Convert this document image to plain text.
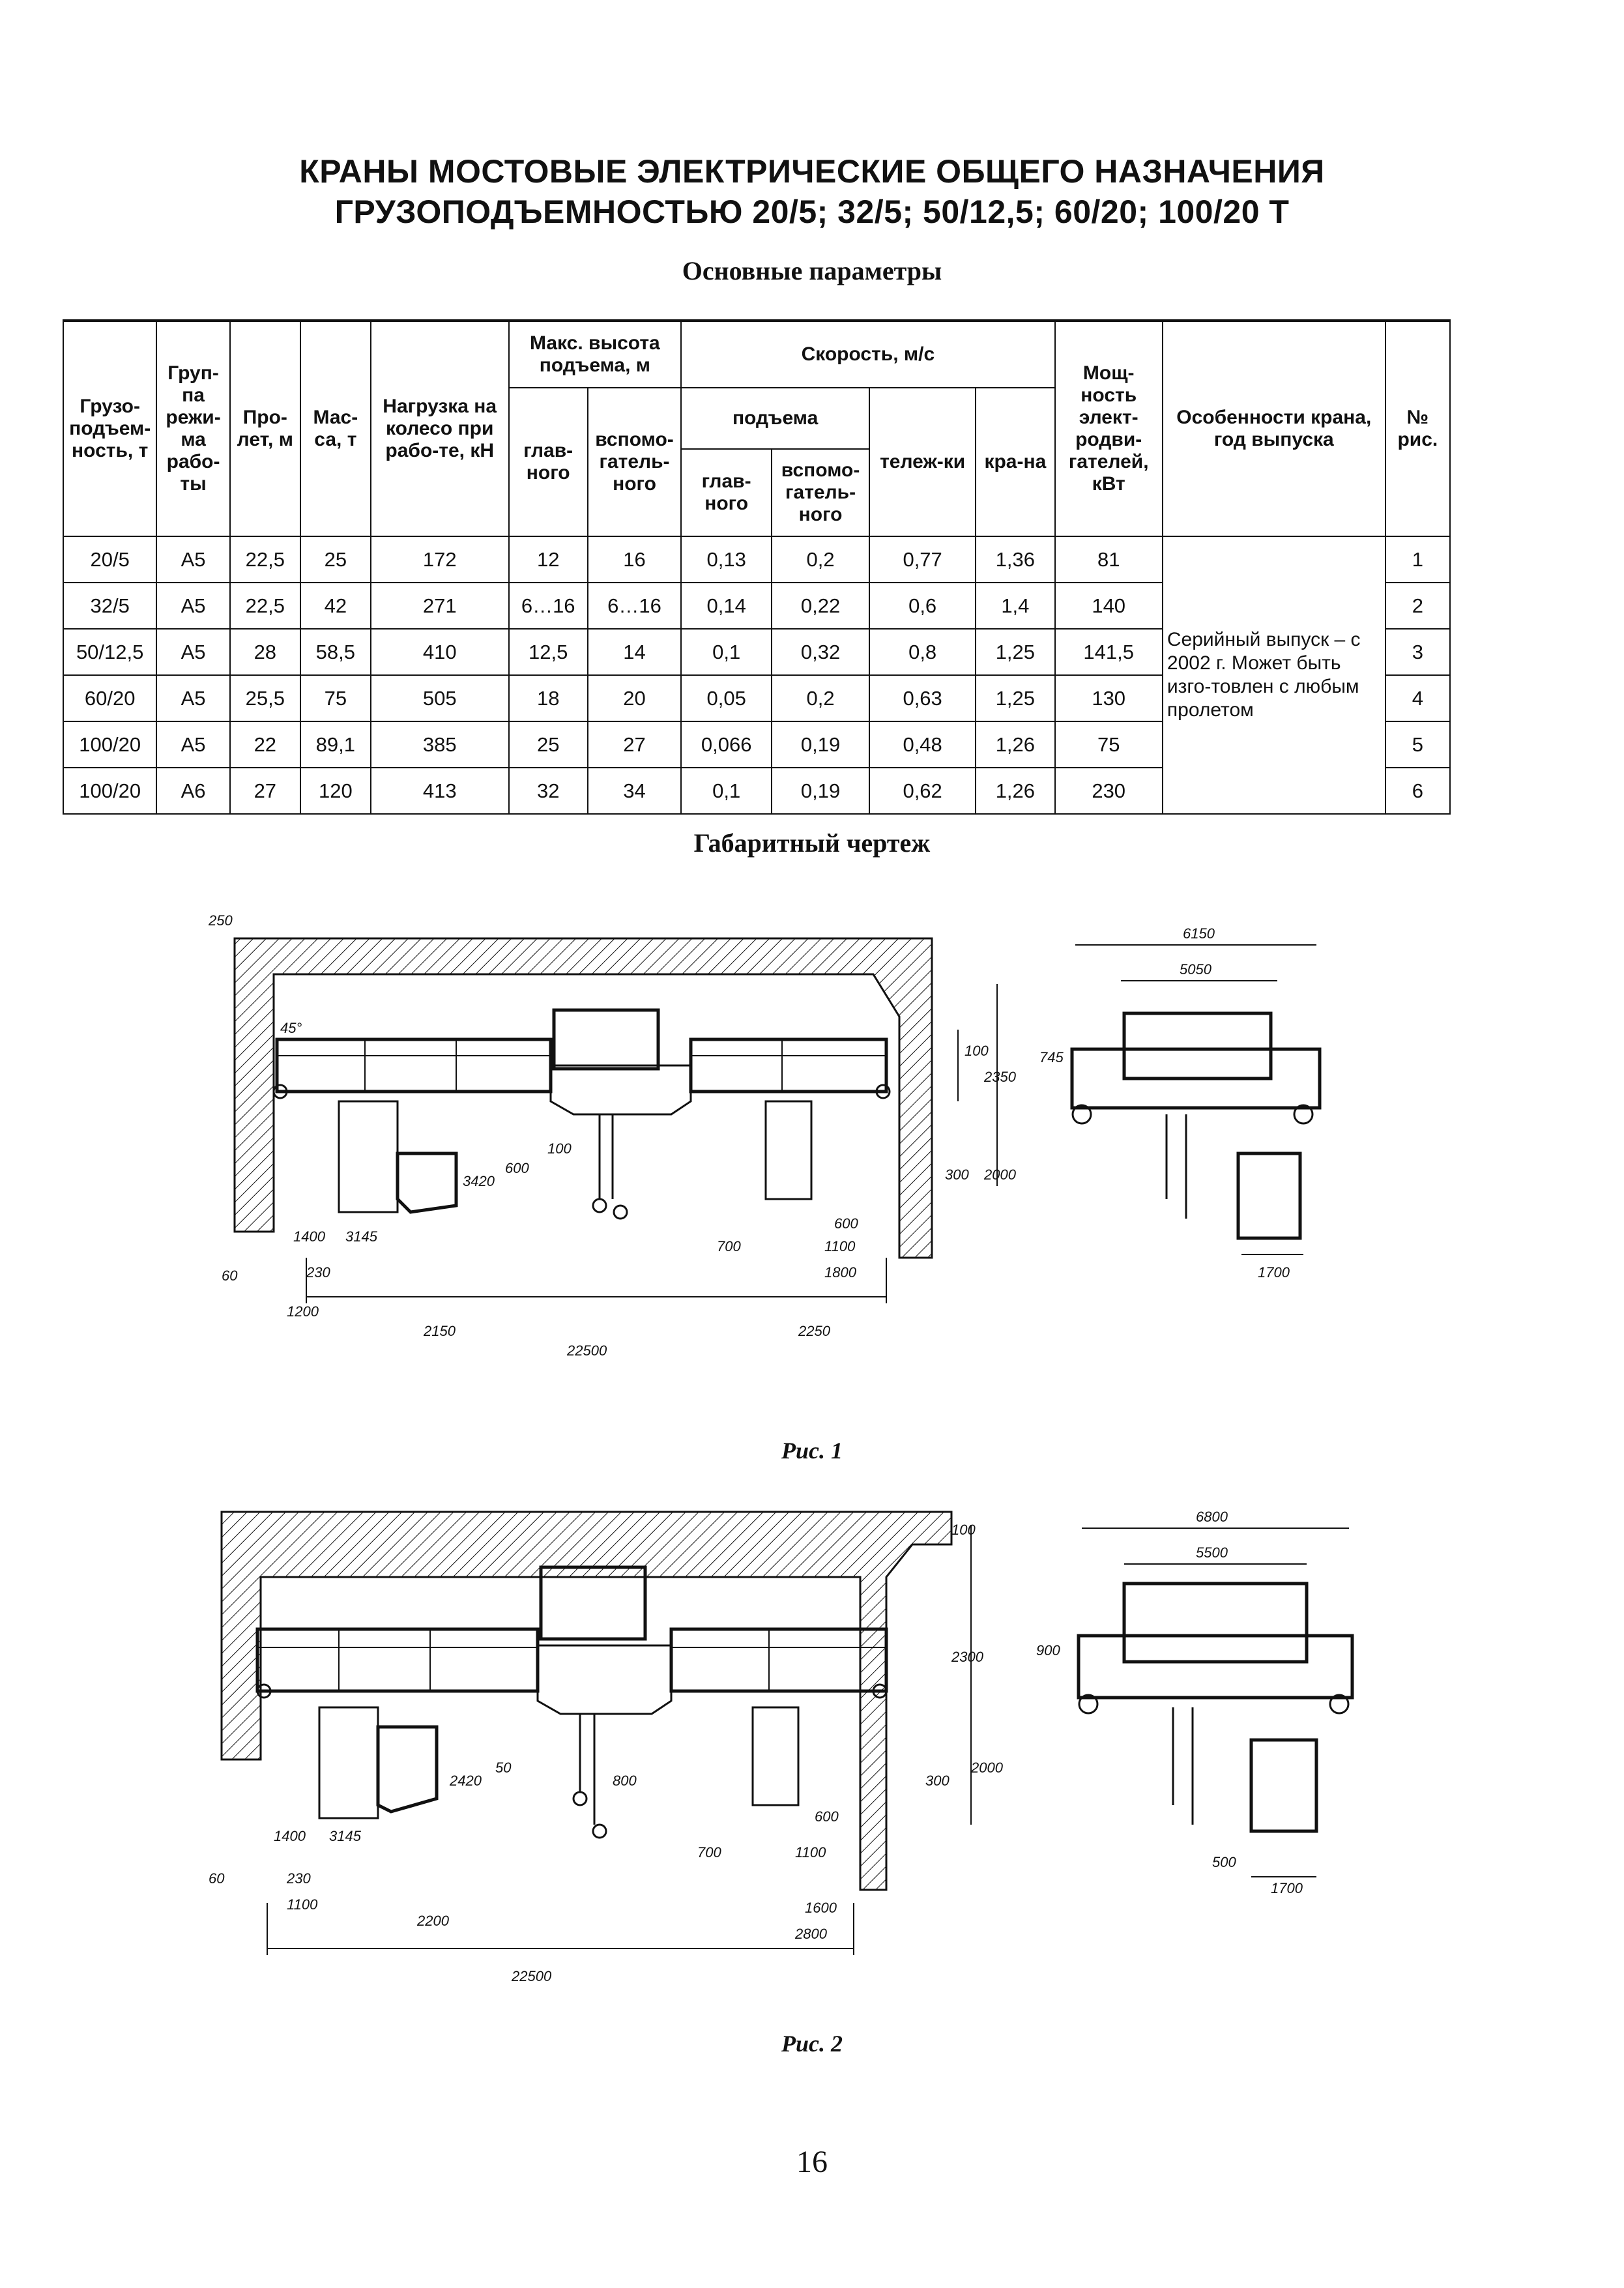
КРАНЫ МОСТОВЫЕ ЭЛЕКТРИЧЕСКИЕ ОБЩЕГО НАЗНАЧЕНИЯ
ГРУЗОПОДЪЕМНОСТЬЮ 20/5; 32/5; 50/12,5; 60/20; 100/20 Т
Основные параметры
Грузо-подъем-ность, т	Груп-па режи-ма рабо-ты	Про-лет, м	Мас-са, т	Нагрузка на колесо при рабо-те, кН	Макс. высота подъема, м		Скорость, м/с				Мощ-ность элект-родви-гателей, кВт	Особенности крана, год выпуска	№ рис.
					глав-ного	вспомо-гатель-ного	подъема		тележ-ки	кра-на			
							глав-ного	вспомо-гатель-ного					
20/5	А5	22,5	25	172	12	16	0,13	0,2	0,77	1,36	81	Серийный выпуск – с 2002 г. Может быть изго-товлен с любым пролетом	1
32/5	А5	22,5	42	271	6…16	6…16	0,14	0,22	0,6	1,4	140		2
50/12,5	А5	28	58,5	410	12,5	14	0,1	0,32	0,8	1,25	141,5		3
60/20	А5	25,5	75	505	18	20	0,05	0,2	0,63	1,25	130		4
100/20	А5	22	89,1	385	25	27	0,066	0,19	0,48	1,26	75		5
100/20	А6	27	120	413	32	34	0,1	0,19	0,62	1,26	230		6
Габаритный чертеж
250
45°
100
2350
745
3420
600
100
300 2000
1400 3145
600
700	1100
1800
60	230
1200
2150	2250
22500
6150
5050
1700
Рис. 1
100
2300	900
2420
50
800	300
2000
1400 3145
600
700	1100
60	230
1100
2200
1600
2800
22500
6800
5500
500
1700
Рис. 2
16
